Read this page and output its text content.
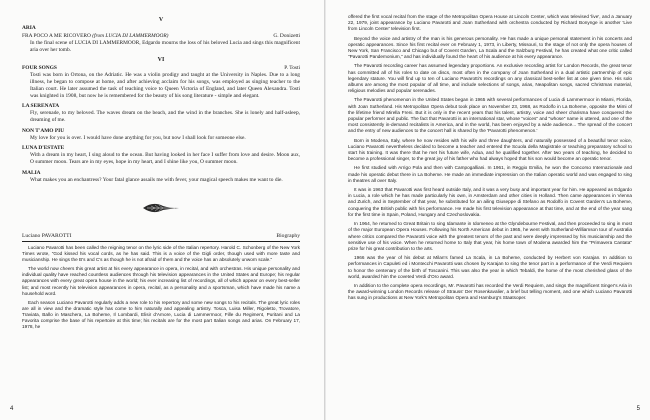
V
ARIA
FRA POCO A ME RICOVERO (from LUCIA DI LAMMERMOOR)	G. Donizetti
In the final scene of LUCIA DI LAMMERMOOR, Edgardo mourns the loss of his beloved Lucia and sings this magnificent aria over her tomb.
VI
FOUR SONGS	P. Tosti
Tosti was born in Ortona, on the Adriatic. He was a violin prodigy and taught at the University in Naples. Due to a long illness, he began to compose at home, and after achieving acclaim for his songs, was employed as singing teacher to the Italian court. He later assumed the task of teaching voice to Queen Victoria of England, and later Queen Alexandra. Tosti was knighted in 1908, but now he is remembered for the beauty of his song literature - simple and elegant.
LA SERENATA
Fly, serenade, to my beloved. The waves dream on the beach, and the wind in the branches. She is lonely and half-asleep, dreaming of me.
NON T'AMO PIU
My love for you is over. I would have done anything for you, but now I shall look for someone else.
LUNA D'ESTATE
With a dream in my heart, I sing aloud to the ocean. But having looked in her face I suffer from love and desire. Moon aux, O summer moon. Tears are in my eyes, hope in my heart, and I shine like you, O summer moon.
MALIA
What makes you an enchantress? Your fatal glance assails me with fever, your magical speech makes me want to die.
Luciano PAVAROTTI	Biography

Luciano Pavarotti has been called the reigning tenor on the lyric side of the Italian repertory. Harold C. Schonberg of the New York Times wrote, "God kissed his vocal cords, as he has said. This is a voice of the Gigli order, though used with more taste and musicianship. He sings the B's and C's as though he is not afraid of them and the voice has an absolutely unworn scale."

The world now cheers this great artist at his every appearance in opera, in recital, and with orchestras. His unique personality and individual quality have reached countless audiences through his television appearances in the United States and Europe; his regular appearances with every great opera house in the world; his ever increasing list of recordings, all of which appear on every best-seller list; and most recently his television appearances in opera, recital, as a personality and a sportsman, which have made his name a household word.

Each season Luciano Pavarotti regularly adds a new role to his repertory and some new songs to his recitals. The great lyric roles are all in view and the dramatic style has come to him naturally and appealing artistry. Tosca, Luisa Miller, Rigoletto, Trovatore, Traviata, Ballo in Maschera, La Boheme, Il Lombardi, Elisir d'Amore, Lucia di Lammermoor, Fille du Regiment, Puritani and La Favorita comprise the base of his repertoire at this time; his recitals are for the most part Italian songs and arias. On February 17, 1978, he

4

offered the first vocal recital from the stage of the Metropolitan Opera House at Lincoln Center, which was televised 'live', and a January 22, 1979, joint appearance by Luciano Pavarotti and Joan Sutherland with orchestra conducted by Richard Bonynge is another 'Live from Lincoln Center' television first.

Beyond the voice and artistry of the man is his generous personality. He has made a unique personal statement in his concerts and operatic appearances. Since his first recital ever on February 1, 1973, in Liberty, Missouri, to the stage of not only the opera houses of New York, San Francisco and Chicago but of Covent Garden, La Scala and the Salzburg Festival, he has created what one critic called "Pavarotti Pandemonium," and has individually found the heart of his audience at his every appearance.

The Pavarotti recording career has assumed legendary proportions. An exclusive recording artist for London Records, the great tenor has committed all of his roles to date on discs, most often in the company of Joan Sutherland in a dual artistic partnership of epic legendary stature. You will find up to ten of Luciano Pavarotti's recordings on any classical best-seller list at one given time. His solo albums are among the most popular of all time, and include selections of songs, arias, Neapolitan songs, sacred Christmas material, religious melodies and popular serenades.

The Pavarotti phenomenon in the United States began in 1965 with several performances of Lucia di Lammermoor in Miami, Florida, with Joan Sutherland. His Metropolitan Opera debut took place on November 23, 1968, as Rodolfo in La Boheme, opposite the Mimi of the lifetime friend Mirella Freni. But it is only in the recent years that his talent, artistry, voice and sheer charisma have conquered the popular performer and public. The fact that Pavarotti is an international star, whose "voices" and "whose" name is uttered, and one of the most consistently in-demand recitalists in America, and in the world, has been enjoyed by a wide audience... The spread of the concert and the entry of new audiences to the concert hall is shared by the 'Pavarotti phenomenon.'

Born in Modena, Italy, where he now resides with his wife and three daughters, and naturally possessed of a beautiful tenor voice, Luciano Pavarotti nevertheless decided to become a teacher and entered the Scuola della Magistrale or teaching preparatory school to start his training. It was there that he met his future wife, Adua, and he qualified together. After two years of teaching, he decided to become a professional singer, to the great joy of his father who had always hoped that his son would become an operatic tenor.

He first studied with Arrigo Pola and then with Campogalliani. In 1961, in Reggio Emilia, he won the Concorso Internazionale and made his operatic debut there in La Boheme. He made an immediate impression on the Italian operatic world and was engaged to sing in theatres all over Italy.

It was in 1963 that Pavarotti was first heard outside Italy, and it was a very busy and important year for him. He appeared as Edgardo in Lucia, a role which he has made particularly his own, in Amsterdam and other cities in Holland. Then came appearances in Vienna and Zurich, and in September of that year, he substituted for an ailing Giuseppe di Stefano as Rodolfo in Covent Garden's La Boheme, conquering the British public with his performance. He made his first television appearance at that time, and at the end of the year sang for the first time in Spain, Poland, Hungary and Czechoslovakia.

In 1964, he returned to Great Britain to sing Idamante in Idomeneo at the Glyndebourne Festival, and then proceeded to sing in most of the major European Opera Houses. Following his North American debut in 1965, he went with Sutherland-Williamson tour of Australia where critics compared the Pavarotti voice with the greatest tenors of the past and were deeply impressed by his musicianship and the sensitive use of his voice. When he returned home to Italy that year, his home town of Modena awarded him the "Primavera Cantata" prize for his great contribution to the arts.

1966 was the year of his debut at Milan's famed La Scala, in La Boheme, conducted by Herbert von Karajan. In addition to performances in Capuleti ed i Montecchi Pavarotti was chosen by Karajan to sing the tenor part in a performance of the Verdi Requiem to honor the centenary of the birth of Toscanini. This was also the year in which Tebaldi, the home of the most cherished glass of the world, awarded him the coveted Verdi d'Oro award.

In addition to the complete opera recordings, Mr. Pavarotti has recorded the Verdi Requiem, and sings the magnificent Singer's Aria in the award-winning London Records release of Strauss' Der Rosenkavalier, a brief but telling moment, and one which Luciano Pavarotti has sung in productions at New York's Metropolitan Opera and Hamburg's Staatsoper.

5
